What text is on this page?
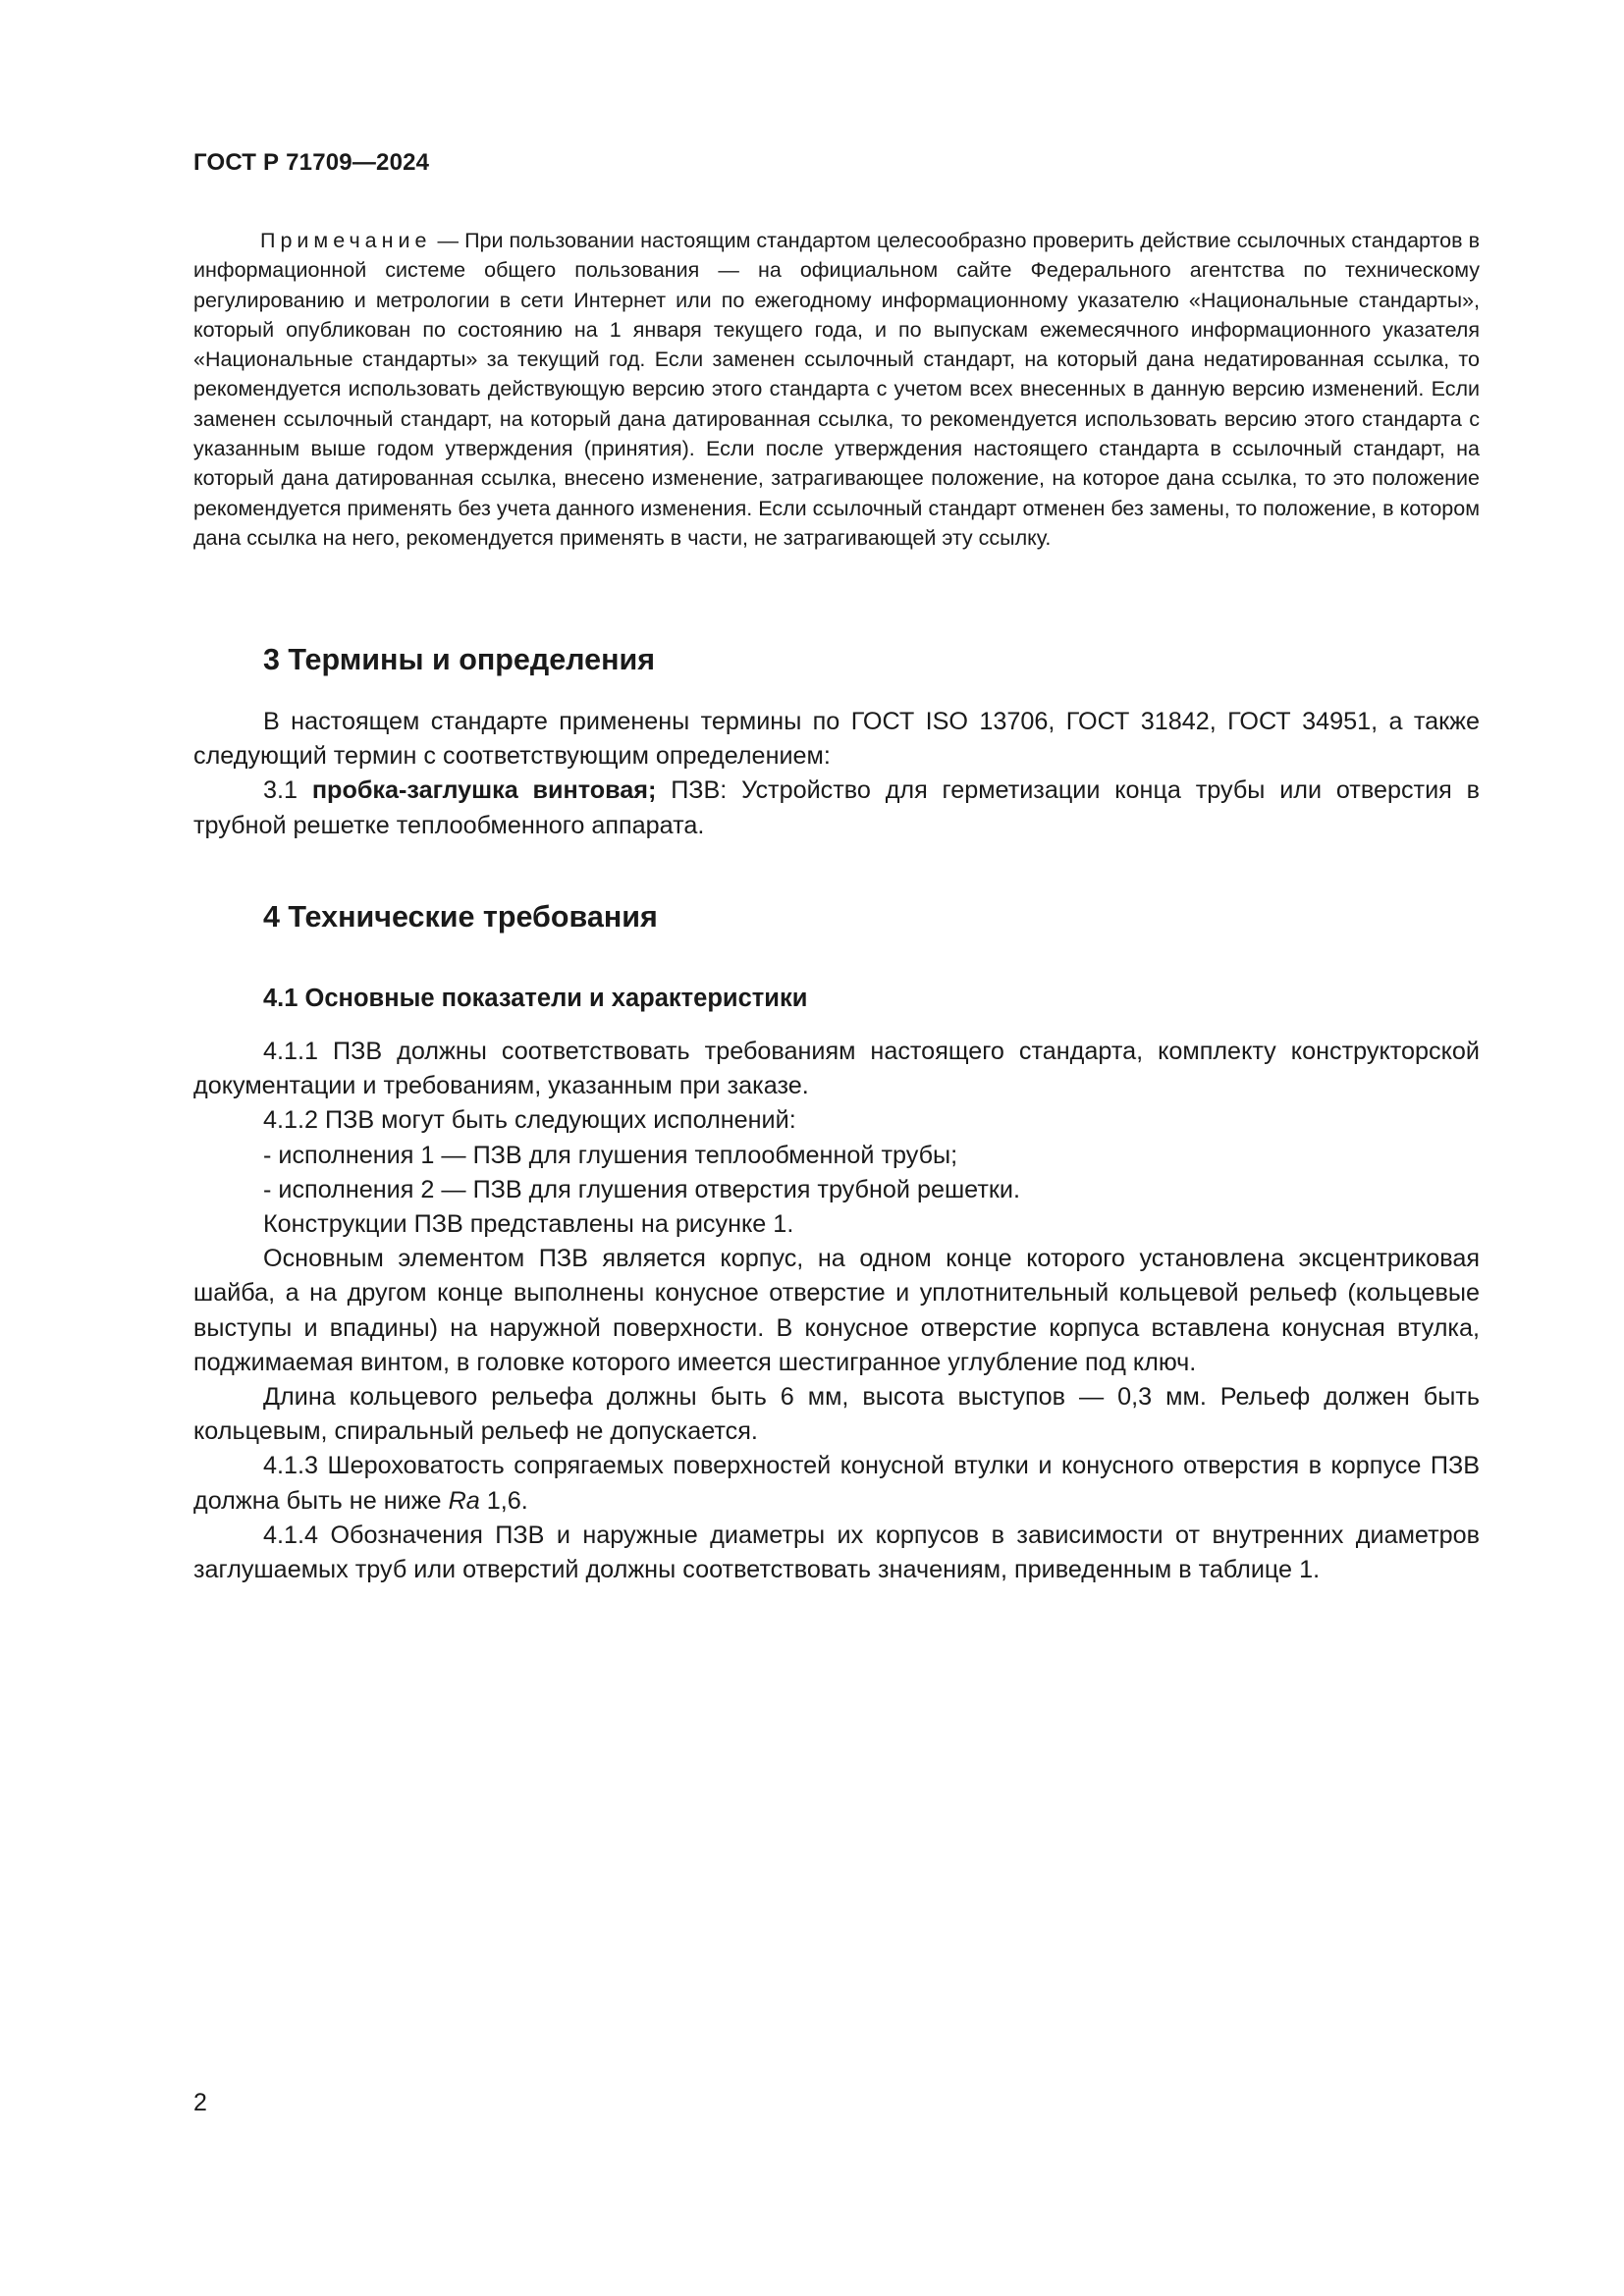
ГОСТ Р 71709—2024

Примечание — При пользовании настоящим стандартом целесообразно проверить действие ссылочных стандартов в информационной системе общего пользования — на официальном сайте Федерального агентства по техническому регулированию и метрологии в сети Интернет или по ежегодному информационному указателю «Национальные стандарты», который опубликован по состоянию на 1 января текущего года, и по выпускам ежемесячного информационного указателя «Национальные стандарты» за текущий год. Если заменен ссылочный стандарт, на который дана недатированная ссылка, то рекомендуется использовать действующую версию этого стандарта с учетом всех внесенных в данную версию изменений. Если заменен ссылочный стандарт, на который дана датированная ссылка, то рекомендуется использовать версию этого стандарта с указанным выше годом утверждения (принятия). Если после утверждения настоящего стандарта в ссылочный стандарт, на который дана датированная ссылка, внесено изменение, затрагивающее положение, на которое дана ссылка, то это положение рекомендуется применять без учета данного изменения. Если ссылочный стандарт отменен без замены, то положение, в котором дана ссылка на него, рекомендуется применять в части, не затрагивающей эту ссылку.

3 Термины и определения

В настоящем стандарте применены термины по ГОСТ ISO 13706, ГОСТ 31842, ГОСТ 34951, а также следующий термин с соответствующим определением:

3.1 пробка-заглушка винтовая; ПЗВ: Устройство для герметизации конца трубы или отверстия в трубной решетке теплообменного аппарата.

4 Технические требования
4.1 Основные показатели и характеристики

4.1.1 ПЗВ должны соответствовать требованиям настоящего стандарта, комплекту конструкторской документации и требованиям, указанным при заказе.

4.1.2 ПЗВ могут быть следующих исполнений:

- исполнения 1 — ПЗВ для глушения теплообменной трубы;

- исполнения 2 — ПЗВ для глушения отверстия трубной решетки.

Конструкции ПЗВ представлены на рисунке 1.

Основным элементом ПЗВ является корпус, на одном конце которого установлена эксцентриковая шайба, а на другом конце выполнены конусное отверстие и уплотнительный кольцевой рельеф (кольцевые выступы и впадины) на наружной поверхности. В конусное отверстие корпуса вставлена конусная втулка, поджимаемая винтом, в головке которого имеется шестигранное углубление под ключ.

Длина кольцевого рельефа должны быть 6 мм, высота выступов — 0,3 мм. Рельеф должен быть кольцевым, спиральный рельеф не допускается.

4.1.3 Шероховатость сопрягаемых поверхностей конусной втулки и конусного отверстия в корпусе ПЗВ должна быть не ниже Ra 1,6.

4.1.4 Обозначения ПЗВ и наружные диаметры их корпусов в зависимости от внутренних диаметров заглушаемых труб или отверстий должны соответствовать значениям, приведенным в таблице 1.

2
